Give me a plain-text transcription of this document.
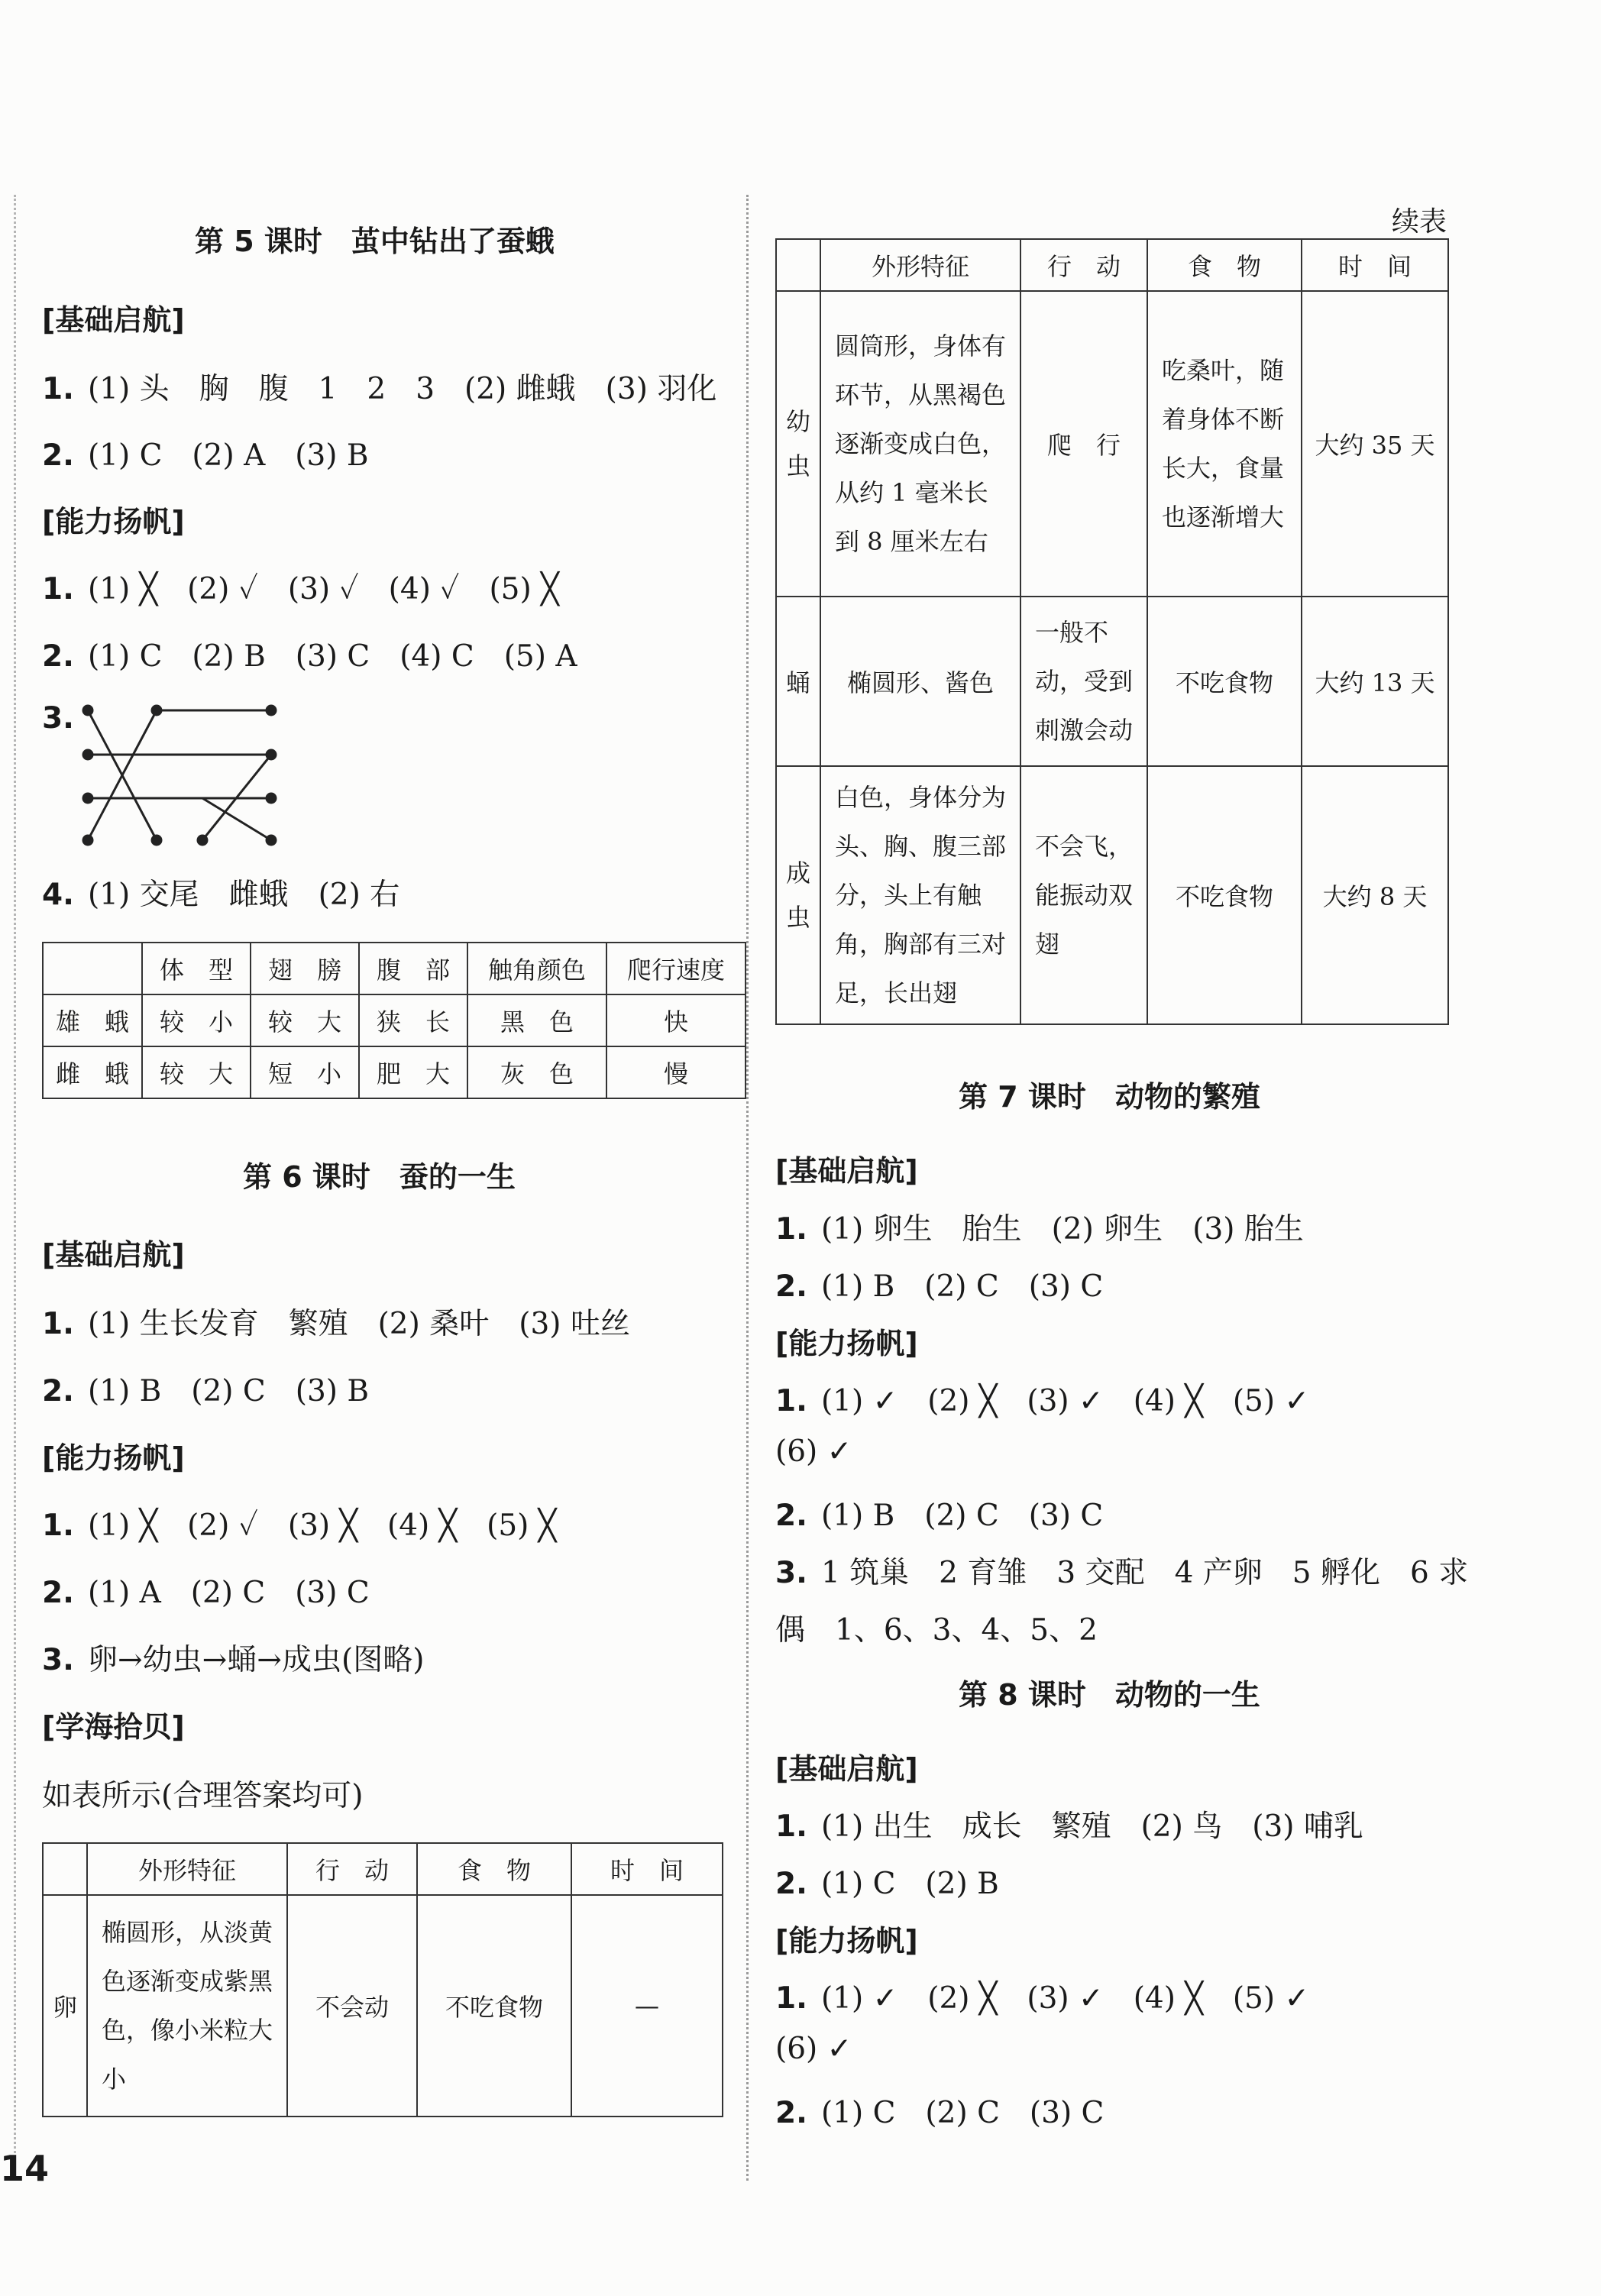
第 5 课时　茧中钻出了蚕蛾
[基础启航]
1. (1) 头　胸　腹　1　2　3　(2) 雌蛾　(3) 羽化
2. (1) C　(2) A　(3) B
[能力扬帆]
1. (1) ╳　(2) ✓　(3) ✓　(4) ✓　(5) ╳
2. (1) C　(2) B　(3) C　(4) C　(5) A
3.
4. (1) 交尾　雌蛾　(2) 右
	体　型	翅　膀	腹　部	触角颜色	爬行速度
雄　蛾	较　小	较　大	狭　长	黑　色	快
雌　蛾	较　大	短　小	肥　大	灰　色	慢
第 6 课时　蚕的一生
[基础启航]
1. (1) 生长发育　繁殖　(2) 桑叶　(3) 吐丝
2. (1) B　(2) C　(3) B
[能力扬帆]
1. (1) ╳　(2) ✓　(3) ╳　(4) ╳　(5) ╳
2. (1) A　(2) C　(3) C
3. 卵→幼虫→蛹→成虫(图略)
[学海拾贝]
如表所示(合理答案均可)
	外形特征	行　动	食　物	时　间
卵	椭圆形，从淡黄色逐渐变成紫黑色，像小米粒大小	不会动	不吃食物	—
续表
	外形特征	行　动	食　物	时　间
幼虫	圆筒形，身体有环节，从黑褐色逐渐变成白色，从约 1 毫米长到 8 厘米左右	爬　行	吃桑叶，随着身体不断长大，食量也逐渐增大	大约 35 天
蛹	椭圆形、酱色	一般不动，受到刺激会动	不吃食物	大约 13 天
成虫	白色，身体分为头、胸、腹三部分，头上有触角，胸部有三对足，长出翅	不会飞，能振动双翅	不吃食物	大约 8 天
第 7 课时　动物的繁殖
[基础启航]
1. (1) 卵生　胎生　(2) 卵生　(3) 胎生
2. (1) B　(2) C　(3) C
[能力扬帆]
1. (1) ✓　(2) ╳　(3) ✓　(4) ╳　(5) ✓
(6) ✓
2. (1) B　(2) C　(3) C
3. 1 筑巢　2 育雏　3 交配　4 产卵　5 孵化　6 求
偶　1、6、3、4、5、2
第 8 课时　动物的一生
[基础启航]
1. (1) 出生　成长　繁殖　(2) 鸟　(3) 哺乳
2. (1) C　(2) B
[能力扬帆]
1. (1) ✓　(2) ╳　(3) ✓　(4) ╳　(5) ✓
(6) ✓
2. (1) C　(2) C　(3) C
14
